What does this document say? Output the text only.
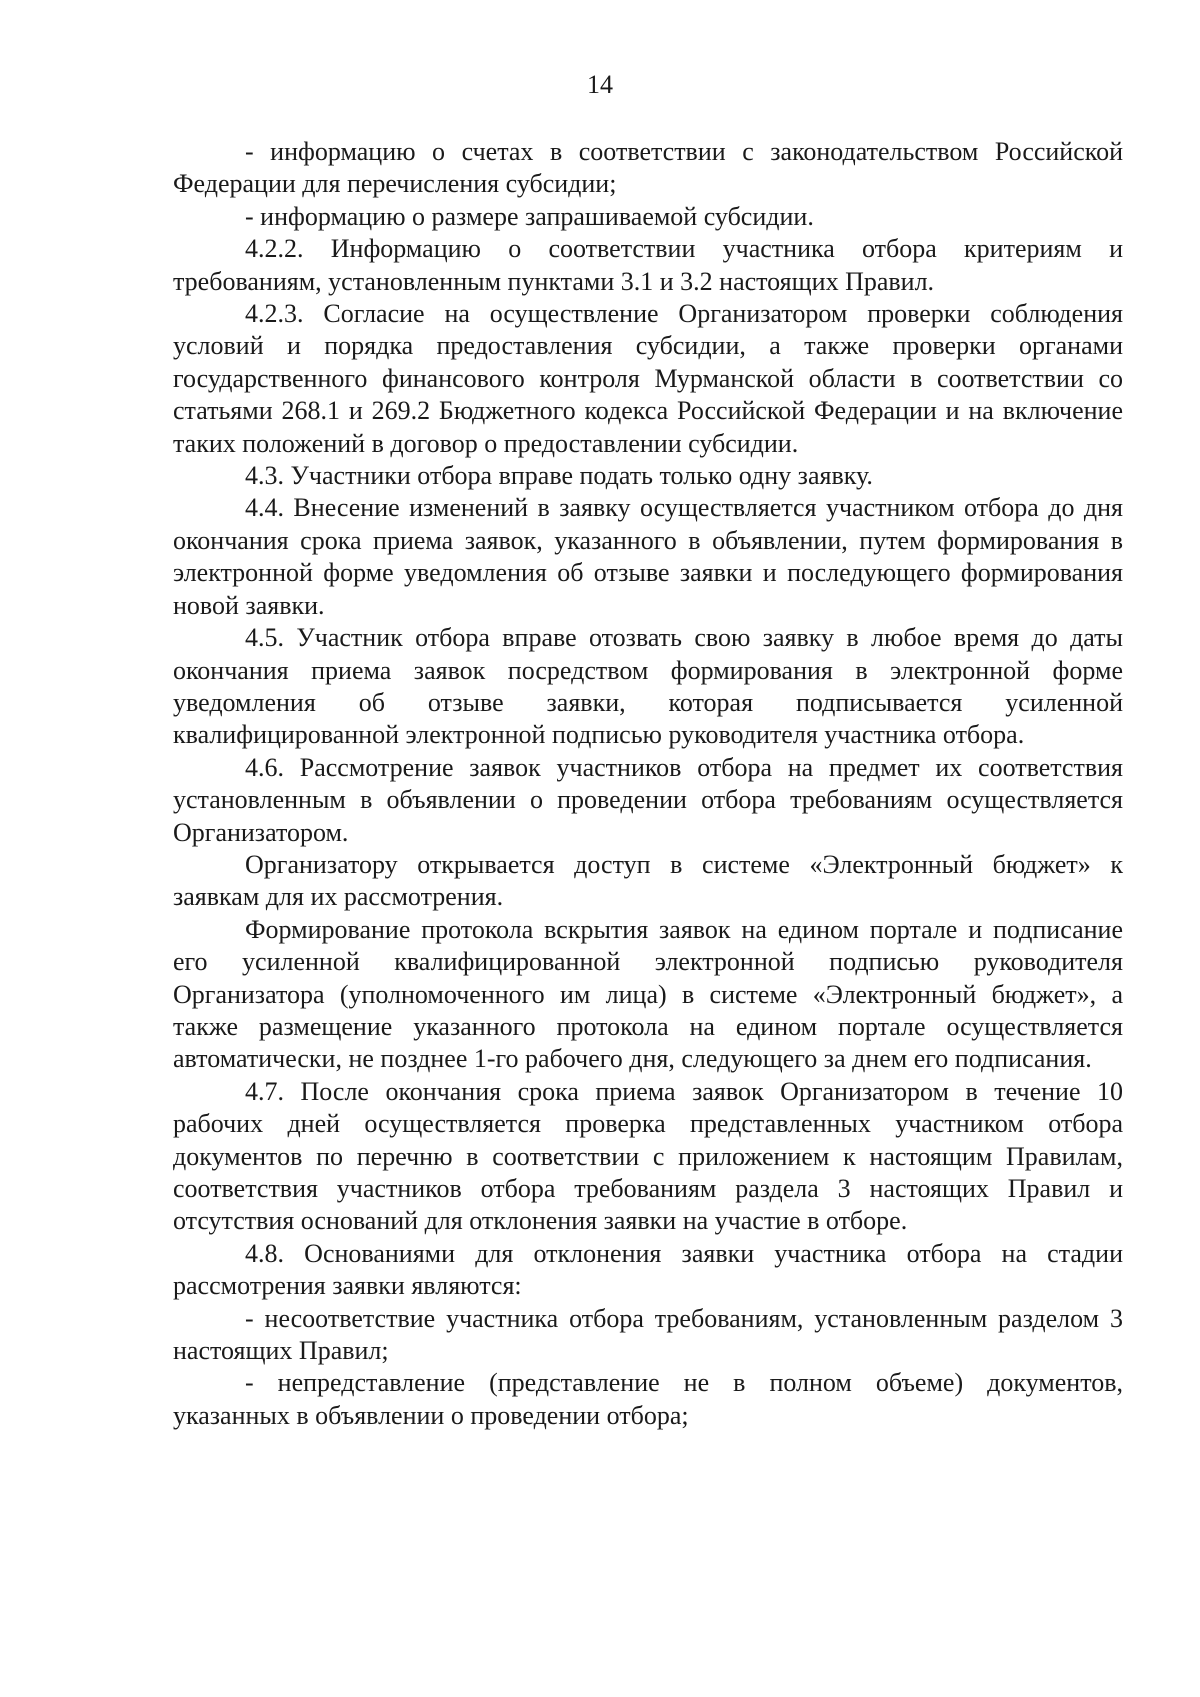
14

- информацию о счетах в соответствии с законодательством Российской Федерации для перечисления субсидии;

- информацию о размере запрашиваемой субсидии.

4.2.2. Информацию о соответствии участника отбора критериям и требованиям, установленным пунктами 3.1 и 3.2 настоящих Правил.

4.2.3. Согласие на осуществление Организатором проверки соблюдения условий и порядка предоставления субсидии, а также проверки органами государственного финансового контроля Мурманской области в соответствии со статьями 268.1 и 269.2 Бюджетного кодекса Российской Федерации и на включение таких положений в договор о предоставлении субсидии.

4.3. Участники отбора вправе подать только одну заявку.

4.4. Внесение изменений в заявку осуществляется участником отбора до дня окончания срока приема заявок, указанного в объявлении, путем формирования в электронной форме уведомления об отзыве заявки и последующего формирования новой заявки.

4.5. Участник отбора вправе отозвать свою заявку в любое время до даты окончания приема заявок посредством формирования в электронной форме уведомления об отзыве заявки, которая подписывается усиленной квалифицированной электронной подписью руководителя участника отбора.

4.6. Рассмотрение заявок участников отбора на предмет их соответствия установленным в объявлении о проведении отбора требованиям осуществляется Организатором.

Организатору открывается доступ в системе «Электронный бюджет» к заявкам для их рассмотрения.

Формирование протокола вскрытия заявок на едином портале и подписание его усиленной квалифицированной электронной подписью руководителя Организатора (уполномоченного им лица) в системе «Электронный бюджет», а также размещение указанного протокола на едином портале осуществляется автоматически, не позднее 1-го рабочего дня, следующего за днем его подписания.

4.7. После окончания срока приема заявок Организатором в течение 10 рабочих дней осуществляется проверка представленных участником отбора документов по перечню в соответствии с приложением к настоящим Правилам, соответствия участников отбора требованиям раздела 3 настоящих Правил и отсутствия оснований для отклонения заявки на участие в отборе.

4.8. Основаниями для отклонения заявки участника отбора на стадии рассмотрения заявки являются:

- несоответствие участника отбора требованиям, установленным разделом 3 настоящих Правил;

- непредставление (представление не в полном объеме) документов, указанных в объявлении о проведении отбора;
